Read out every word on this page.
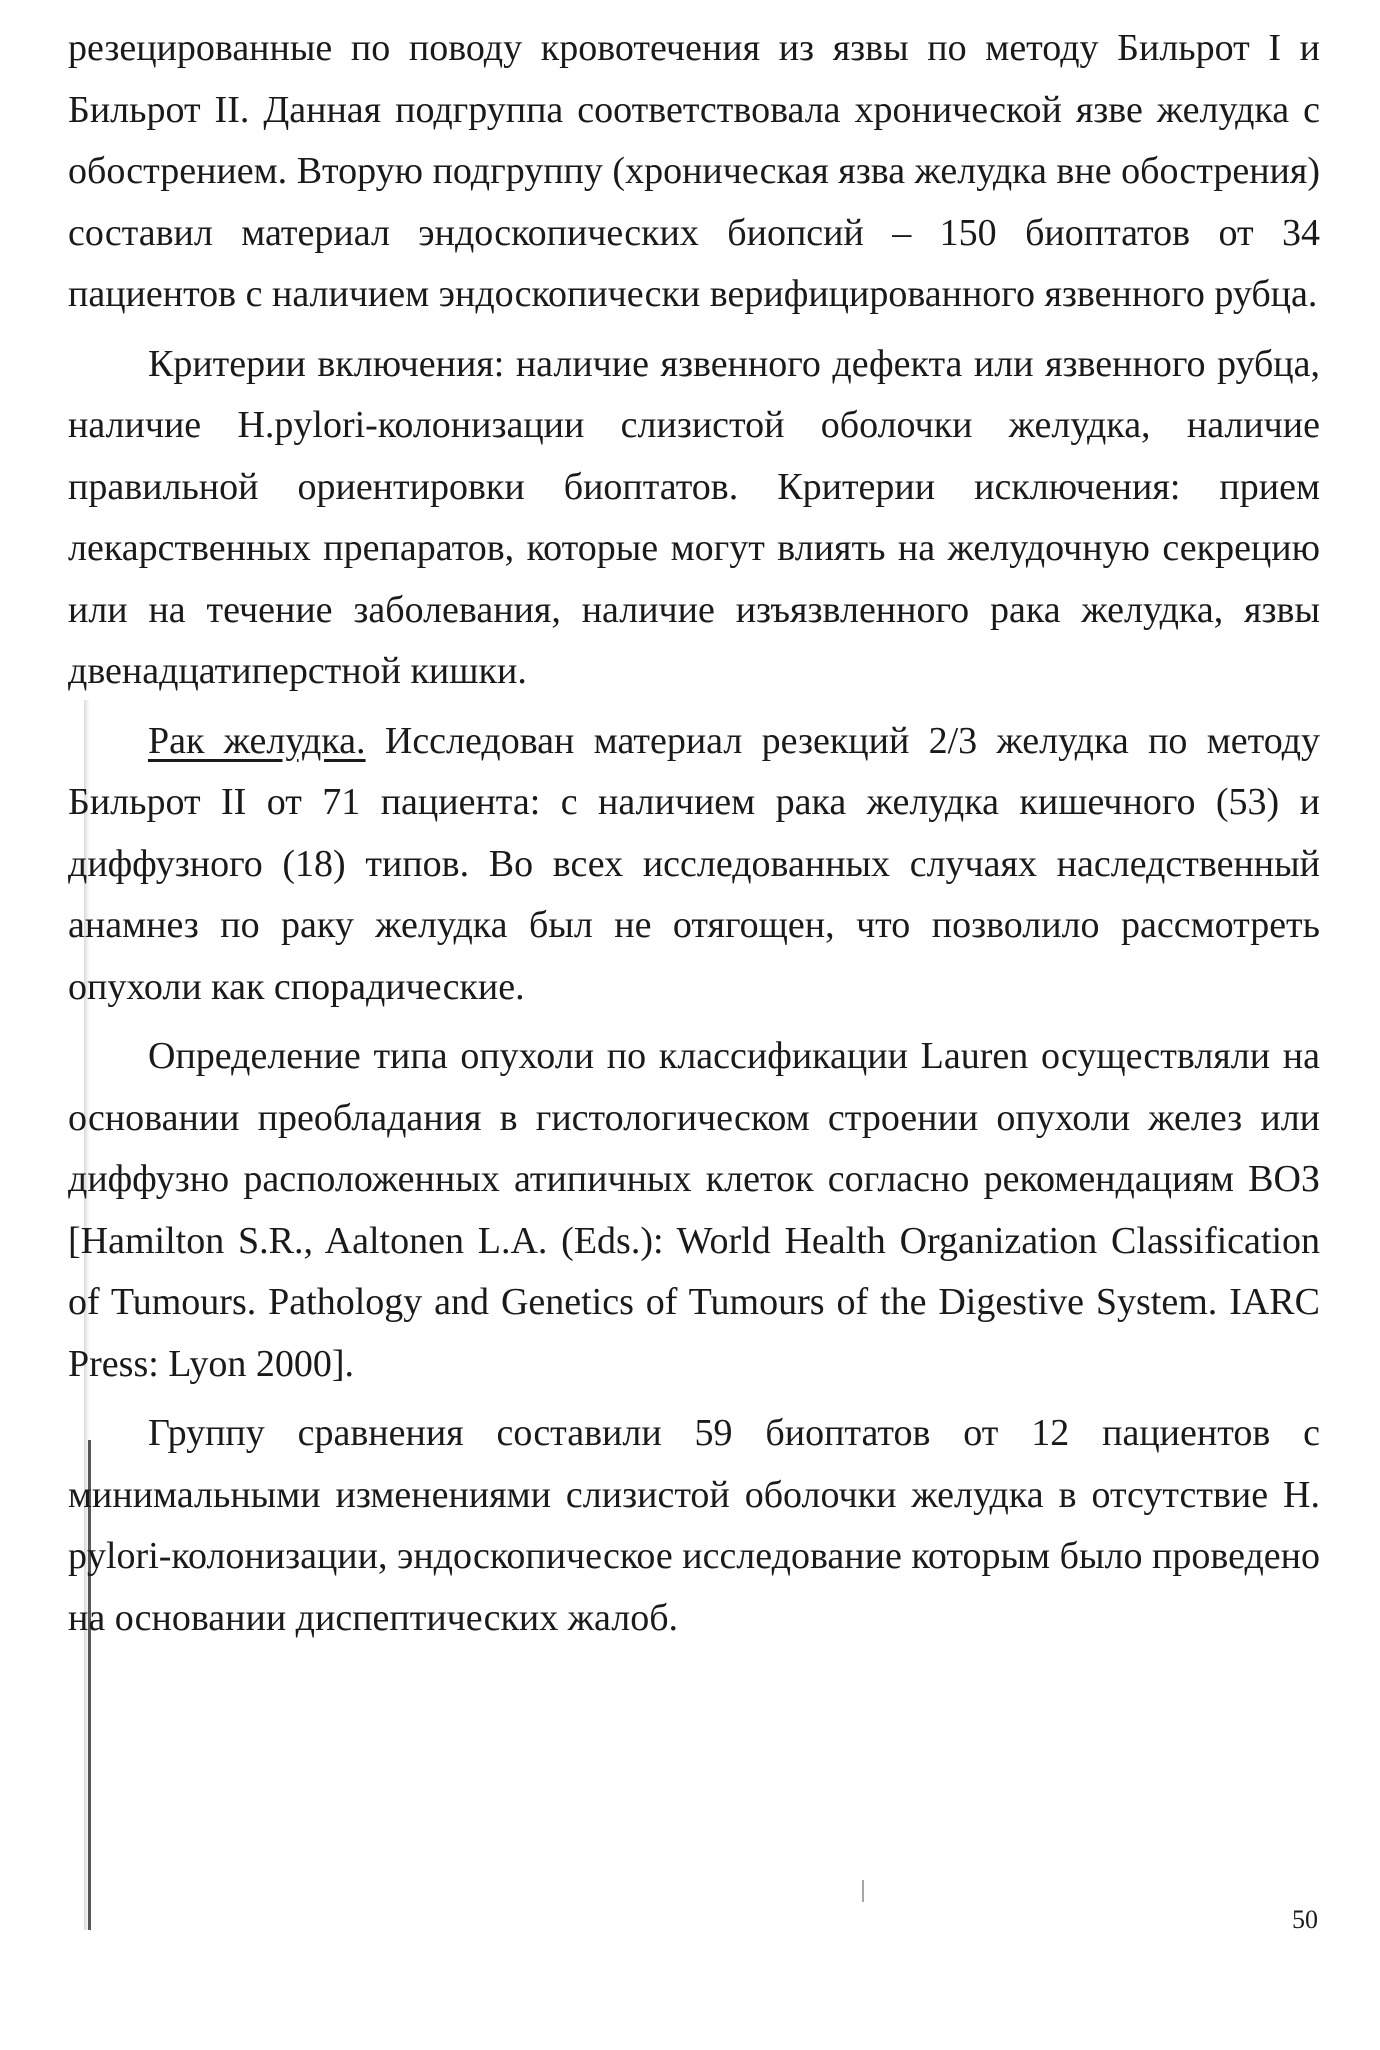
резецированные по поводу кровотечения из язвы по методу Бильрот I и Бильрот II. Данная подгруппа соответствовала хронической язве желудка с обострением. Вторую подгруппу (хроническая язва желудка вне обострения) составил материал эндоскопических биопсий – 150 биоптатов от 34 пациентов с наличием эндоскопически верифицированного язвенного рубца.

Критерии включения: наличие язвенного дефекта или язвенного рубца, наличие H.pylori-колонизации слизистой оболочки желудка, наличие правильной ориентировки биоптатов. Критерии исключения: прием лекарственных препаратов, которые могут влиять на желудочную секрецию или на течение заболевания, наличие изъязвленного рака желудка, язвы двенадцатиперстной кишки.

Рак желудка. Исследован материал резекций 2/3 желудка по методу Бильрот II от 71 пациента: с наличием рака желудка кишечного (53) и диффузного (18) типов. Во всех исследованных случаях наследственный анамнез по раку желудка был не отягощен, что позволило рассмотреть опухоли как спорадические.

Определение типа опухоли по классификации Lauren осуществляли на основании преобладания в гистологическом строении опухоли желез или диффузно расположенных атипичных клеток согласно рекомендациям ВОЗ [Hamilton S.R., Aaltonen L.A. (Eds.): World Health Organization Classification of Tumours. Pathology and Genetics of Tumours of the Digestive System. IARC Press: Lyon 2000].

Группу сравнения составили 59 биоптатов от 12 пациентов с минимальными изменениями слизистой оболочки желудка в отсутствие H. pylori-колонизации, эндоскопическое исследование которым было проведено на основании диспептических жалоб.

50
